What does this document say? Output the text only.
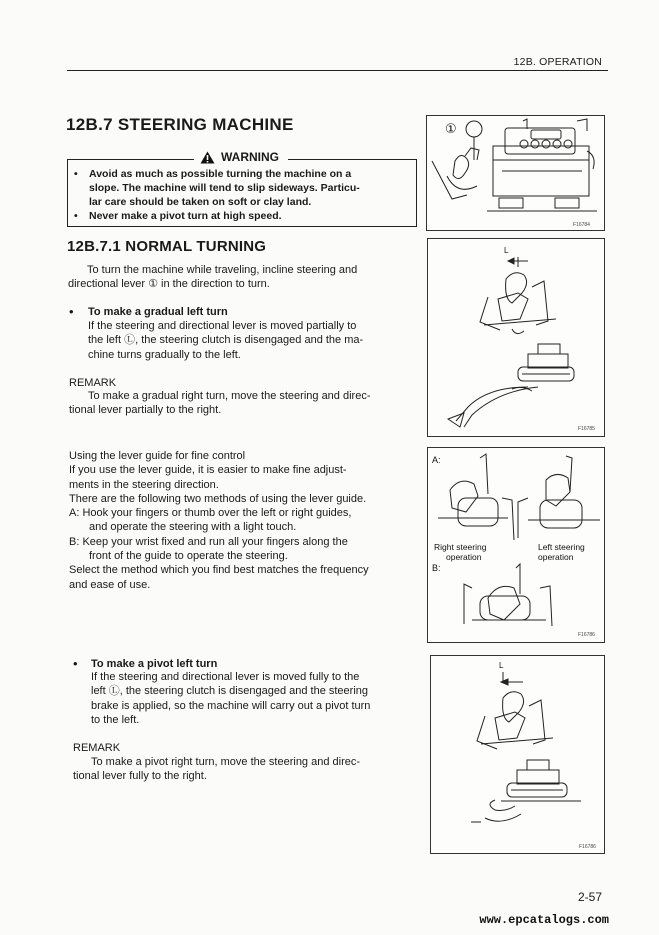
12B. OPERATION
12B.7 STEERING MACHINE
WARNING
• Avoid as much as possible turning the machine on a
slope. The machine will tend to slip sideways. Particu-
lar care should be taken on soft or clay land.
• Never make a pivot turn at high speed.
12B.7.1 NORMAL TURNING
To turn the machine while traveling, incline steering and
directional lever ① in the direction to turn.
• To make a gradual left turn
If the steering and directional lever is moved partially to
the left Ⓛ, the steering clutch is disengaged and the ma-
chine turns gradually to the left.
REMARK
To make a gradual right turn, move the steering and direc-
tional lever partially to the right.
Using the lever guide for fine control
If you use the lever guide, it is easier to make fine adjust-
ments in the steering direction.
There are the following two methods of using the lever guide.
A: Hook your fingers or thumb over the left or right guides,
and operate the steering with a light touch.
B: Keep your wrist fixed and run all your fingers along the
front of the guide to operate the steering.
Select the method which you find best matches the frequency
and ease of use.
• To make a pivot left turn
If the steering and directional lever is moved fully to the
left Ⓛ, the steering clutch is disengaged and the steering
brake is applied, so the machine will carry out a pivot turn
to the left.
REMARK
To make a pivot right turn, move the steering and direc-
tional lever fully to the right.
①
F16784
L
F16785
A:
Right steering
operation
Left steering
operation
B:
F16786
L
F16786
2-57
www.epcatalogs.com
